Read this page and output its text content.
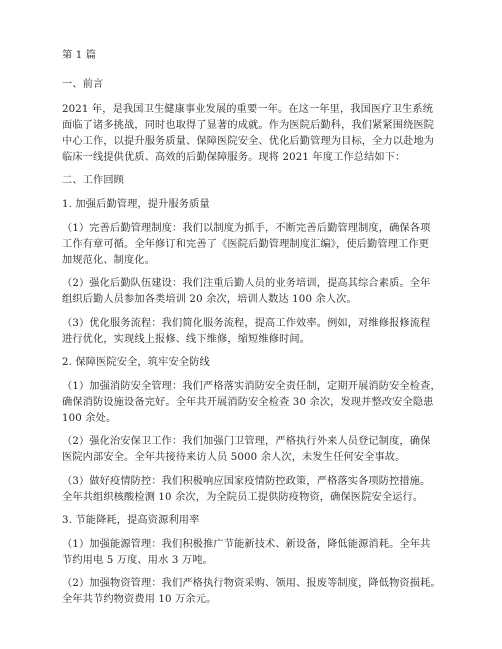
第 1 篇
一、前言
2021 年，是我国卫生健康事业发展的重要一年。在这一年里，我国医疗卫生系统
面临了诸多挑战，同时也取得了显著的成就。作为医院后勤科，我们紧紧围绕医院
中心工作，以提升服务质量、保障医院安全、优化后勤管理为目标，全力以赴地为
临床一线提供优质、高效的后勤保障服务。现将 2021 年度工作总结如下：
二、工作回顾
1. 加强后勤管理，提升服务质量
（1）完善后勤管理制度：我们以制度为抓手，不断完善后勤管理制度，确保各项
工作有章可循。全年修订和完善了《医院后勤管理制度汇编》，使后勤管理工作更
加规范化、制度化。
（2）强化后勤队伍建设：我们注重后勤人员的业务培训，提高其综合素质。全年
组织后勤人员参加各类培训 20 余次，培训人数达 100 余人次。
（3）优化服务流程：我们简化服务流程，提高工作效率。例如，对维修报修流程
进行优化，实现线上报修、线下维修，缩短维修时间。
2. 保障医院安全，筑牢安全防线
（1）加强消防安全管理：我们严格落实消防安全责任制，定期开展消防安全检查，
确保消防设施设备完好。全年共开展消防安全检查 30 余次，发现并整改安全隐患
100 余处。
（2）强化治安保卫工作：我们加强门卫管理，严格执行外来人员登记制度，确保
医院内部安全。全年共接待来访人员 5000 余人次，未发生任何安全事故。
（3）做好疫情防控：我们积极响应国家疫情防控政策，严格落实各项防控措施。
全年共组织核酸检测 10 余次，为全院员工提供防疫物资，确保医院安全运行。
3. 节能降耗，提高资源利用率
（1）加强能源管理：我们积极推广节能新技术、新设备，降低能源消耗。全年共
节约用电 5 万度、用水 3 万吨。
（2）加强物资管理：我们严格执行物资采购、领用、报废等制度，降低物资损耗。
全年共节约物资费用 10 万余元。
